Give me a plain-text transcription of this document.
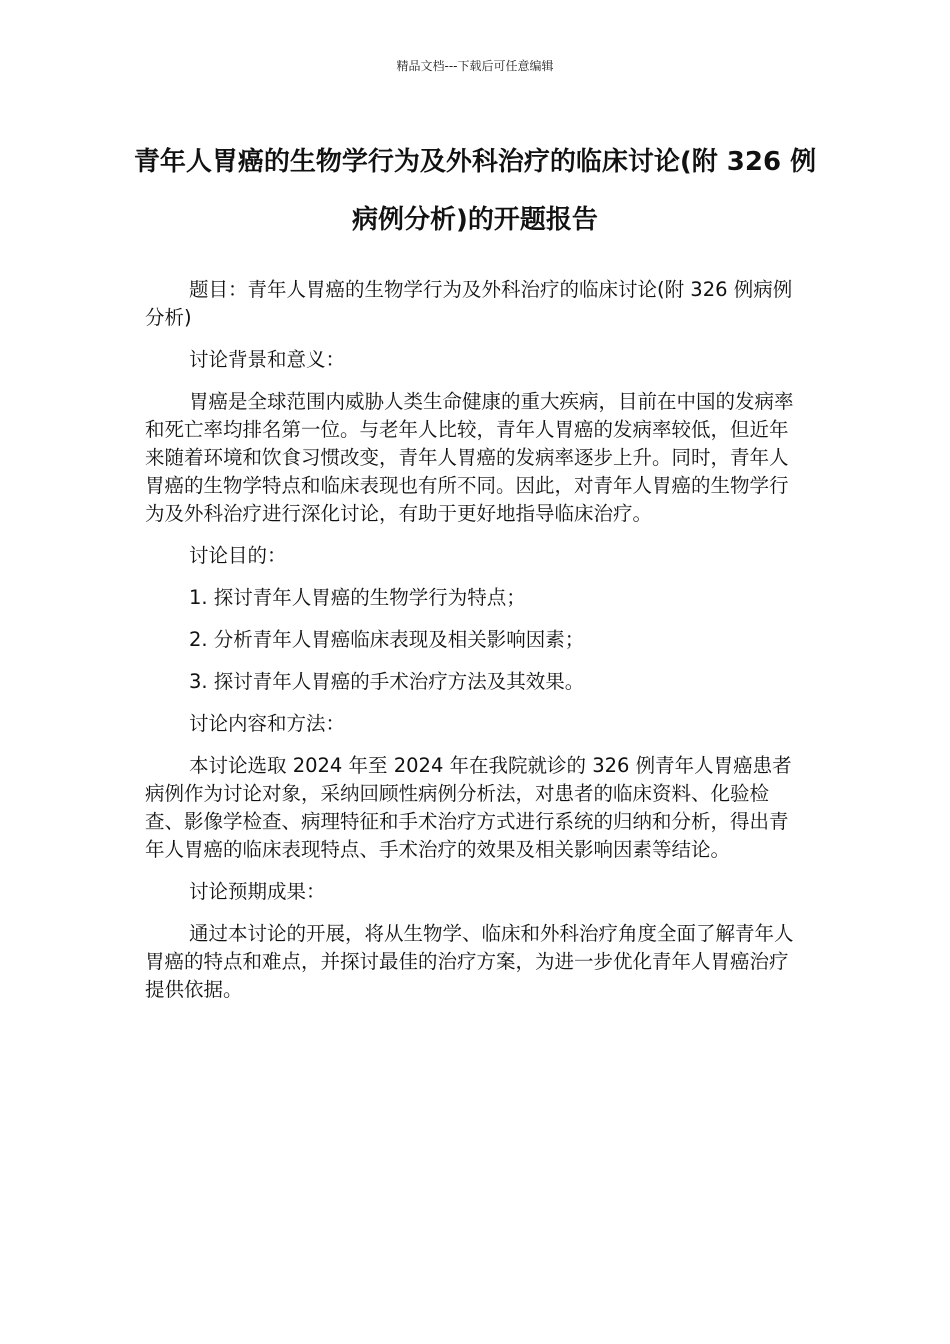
精品文档---下载后可任意编辑
青年人胃癌的生物学行为及外科治疗的临床讨论(附 326 例病例分析)的开题报告

题目：青年人胃癌的生物学行为及外科治疗的临床讨论(附 326 例病例分析)

讨论背景和意义：

胃癌是全球范围内威胁人类生命健康的重大疾病，目前在中国的发病率和死亡率均排名第一位。与老年人比较，青年人胃癌的发病率较低，但近年来随着环境和饮食习惯改变，青年人胃癌的发病率逐步上升。同时，青年人胃癌的生物学特点和临床表现也有所不同。因此，对青年人胃癌的生物学行为及外科治疗进行深化讨论，有助于更好地指导临床治疗。

讨论目的：

1. 探讨青年人胃癌的生物学行为特点；

2. 分析青年人胃癌临床表现及相关影响因素；

3. 探讨青年人胃癌的手术治疗方法及其效果。

讨论内容和方法：

本讨论选取 2024 年至 2024 年在我院就诊的 326 例青年人胃癌患者病例作为讨论对象，采纳回顾性病例分析法，对患者的临床资料、化验检查、影像学检查、病理特征和手术治疗方式进行系统的归纳和分析，得出青年人胃癌的临床表现特点、手术治疗的效果及相关影响因素等结论。

讨论预期成果：

通过本讨论的开展，将从生物学、临床和外科治疗角度全面了解青年人胃癌的特点和难点，并探讨最佳的治疗方案，为进一步优化青年人胃癌治疗提供依据。
